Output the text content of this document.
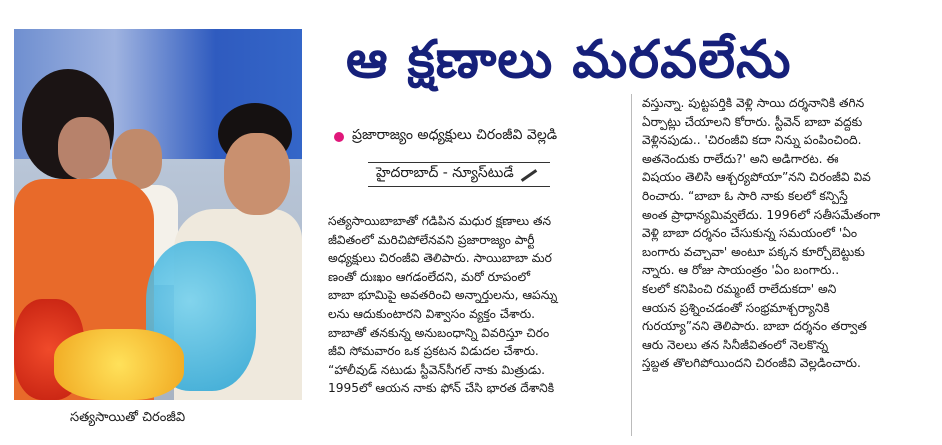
సత్యసాయితో చిరంజీవి
ఆ క్షణాలు మరవలేను
ప్రజారాజ్యం అధ్యక్షులు చిరంజీవి వెల్లడి
హైదరాబాద్ - న్యూస్‌టుడే
సత్యసాయిబాబాతో గడిపిన మధుర క్షణాలు తన
జీవితంలో మరిచిపోలేనవని ప్రజారాజ్యం పార్టీ
అధ్యక్షులు చిరంజీవి తెలిపారు. సాయిబాబా మర
ణంతో దుఃఖం ఆగడంలేదని, మరో రూపంలో
బాబా భూమిపై అవతరించి అన్నార్తులను, ఆపన్ను
లను ఆదుకుంటారని విశ్వాసం వ్యక్తం చేశారు.
బాబాతో తనకున్న అనుబంధాన్ని వివరిస్తూ చిరం
జీవి సోమవారం ఒక ప్రకటన విడుదల చేశారు.
“హాలీవుడ్ నటుడు స్టీవెన్‌సీగల్ నాకు మిత్రుడు.
1995లో ఆయన నాకు ఫోన్ చేసి భారత దేశానికి
వస్తున్నా. పుట్టపర్తికి వెళ్లి సాయి దర్శనానికి తగిన
ఏర్పాట్లు చేయాలని కోరారు. స్టీవెన్ బాబా వద్దకు
వెళ్లినపుడు.. 'చిరంజీవి కదా నిన్ను పంపించింది.
అతనెందుకు రాలేదు?' అని అడిగారట. ఈ
విషయం తెలిసి ఆశ్చర్యపోయా”నని చిరంజీవి వివ
రించారు. “బాబా ఓ సారి నాకు కలలో కన్పిస్తే
అంత ప్రాధాన్యమివ్వలేదు. 1996లో సతీసమేతంగా
వెళ్లి బాబా దర్శనం చేసుకున్న సమయంలో 'ఏం
బంగారు వచ్చావా' అంటూ పక్కన కూర్చోబెట్టుకు
న్నారు. ఆ రోజు సాయంత్రం 'ఏం బంగారు..
కలలో కనిపించి రమ్మంటే రాలేదుకదా' అని
ఆయన ప్రశ్నించడంతో సంభ్రమాశ్చర్యానికి
గురయ్యా”నని తెలిపారు. బాబా దర్శనం తర్వాత
ఆరు నెలలు తన సినీజీవితంలో నెలకొన్న
స్తబ్దత తొలగిపోయిందని చిరంజీవి వెల్లడించారు.
